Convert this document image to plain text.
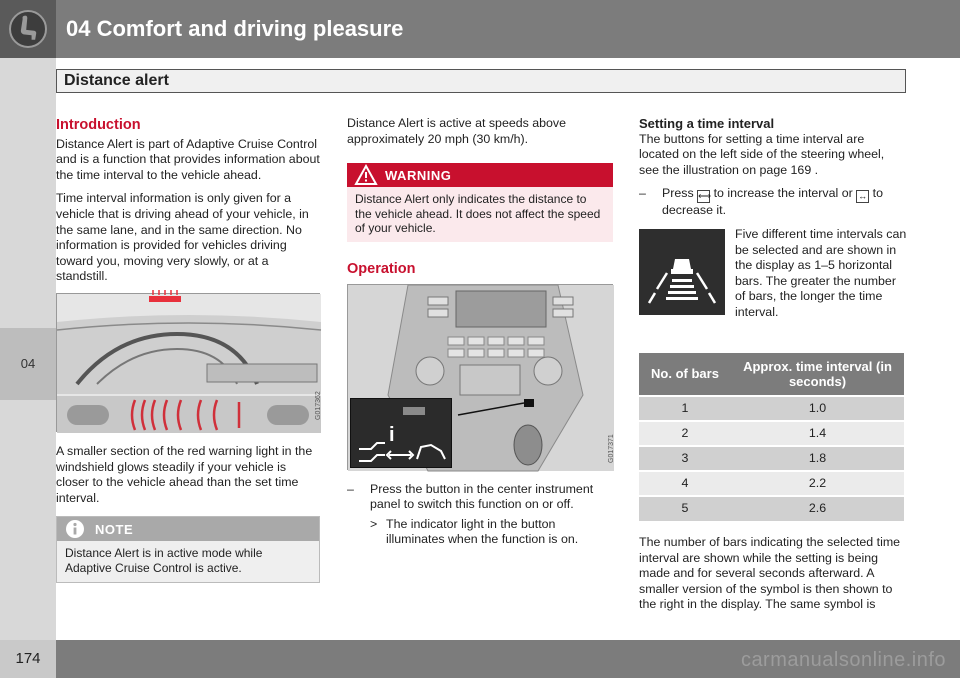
04 Comfort and driving pleasure
Distance alert
04
Introduction

Distance Alert is part of Adaptive Cruise Control and is a function that provides information about the time interval to the vehicle ahead.

Time interval information is only given for a vehicle that is driving ahead of your vehicle, in the same lane, and in the same direction. No information is provided for vehicles driving toward you, moving very slowly, or at a standstill.

G017362

A smaller section of the red warning light in the windshield glows steadily if your vehicle is closer to the vehicle ahead than the set time interval.

NOTE
Distance Alert is in active mode while Adaptive Cruise Control is active.

Distance Alert is active at speeds above approximately 20 mph (30 km/h).

WARNING
Distance Alert only indicates the distance to the vehicle ahead. It does not affect the speed of your vehicle.
Operation
i	G017371
– Press the button in the center instrument panel to switch this function on or off.
> The indicator light in the button illuminates when the function is on.
Setting a time interval

The buttons for setting a time interval are located on the left side of the steering wheel, see the illustration on page 169 .

– Press ⟷ to increase the interval or ↔ to decrease it.
Five different time intervals can be selected and are shown in the display as 1–5 horizontal bars. The greater the number of bars, the longer the time interval.
No. of bars	Approx. time interval (in seconds)
1	1.0
2	1.4
3	1.8
4	2.2
5	2.6

The number of bars indicating the selected time interval are shown while the setting is being made and for several seconds afterward. A smaller version of the symbol is then shown to the right in the display. The same symbol is

174	carmanualsonline.info
